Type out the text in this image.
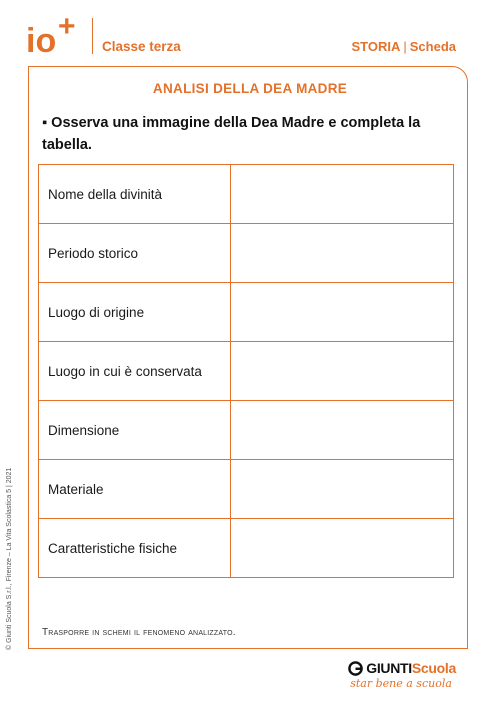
io +
Classe terza	STORIA | Scheda
ANALISI DELLA DEA MADRE
▪ Osserva una immagine della Dea Madre e completa la tabella.
Nome della divinità	
Periodo storico	
Luogo di origine	
Luogo in cui è conservata	
Dimensione	
Materiale	
Caratteristiche fisiche	
Trasporre in schemi il fenomeno analizzato.
© Giunti Scuola S.r.l., Firenze – La Vita Scolastica 5 | 2021
GIUNTI Scuola
star bene a scuola
